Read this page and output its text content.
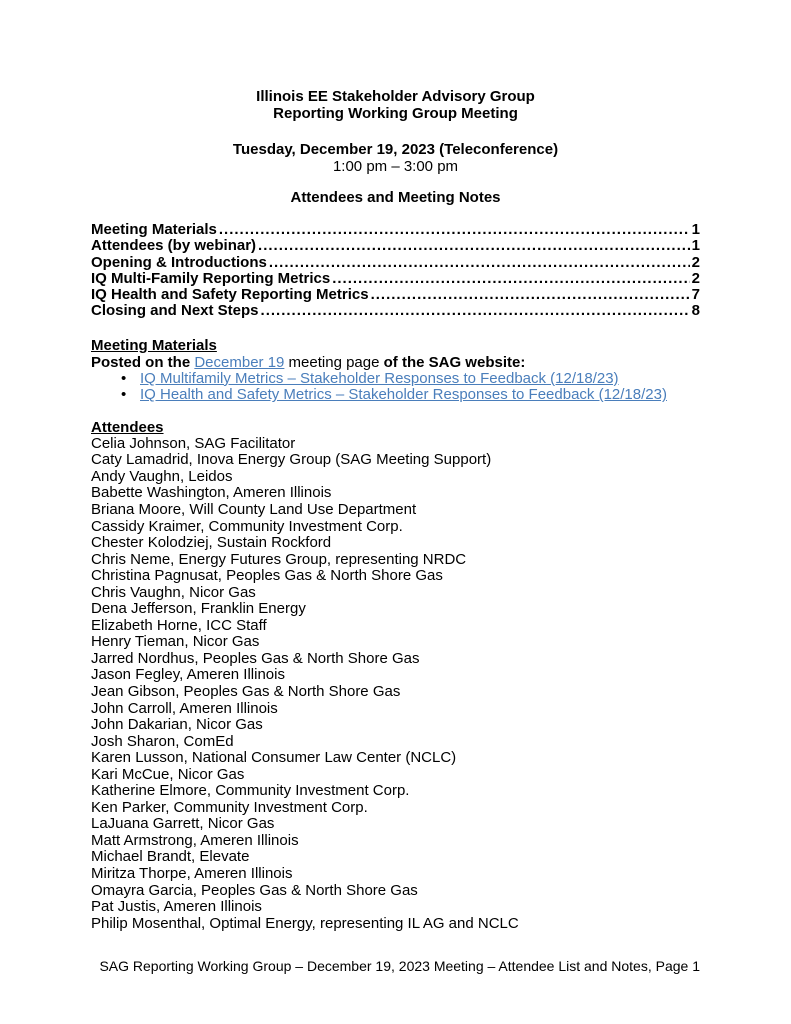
Illinois EE Stakeholder Advisory Group
Reporting Working Group Meeting
Tuesday, December 19, 2023 (Teleconference)
1:00 pm – 3:00 pm
Attendees and Meeting Notes
Meeting Materials .....	1
Attendees (by webinar) .....	1
Opening & Introductions .....	2
IQ Multi-Family Reporting Metrics .....	2
IQ Health and Safety Reporting Metrics .....	7
Closing and Next Steps .....	8
Meeting Materials
Posted on the December 19 meeting page of the SAG website:
• IQ Multifamily Metrics – Stakeholder Responses to Feedback (12/18/23)
• IQ Health and Safety Metrics – Stakeholder Responses to Feedback (12/18/23)
Attendees
Celia Johnson, SAG Facilitator
Caty Lamadrid, Inova Energy Group (SAG Meeting Support)
Andy Vaughn, Leidos
Babette Washington, Ameren Illinois
Briana Moore, Will County Land Use Department
Cassidy Kraimer, Community Investment Corp.
Chester Kolodziej, Sustain Rockford
Chris Neme, Energy Futures Group, representing NRDC
Christina Pagnusat, Peoples Gas & North Shore Gas
Chris Vaughn, Nicor Gas
Dena Jefferson, Franklin Energy
Elizabeth Horne, ICC Staff
Henry Tieman, Nicor Gas
Jarred Nordhus, Peoples Gas & North Shore Gas
Jason Fegley, Ameren Illinois
Jean Gibson, Peoples Gas & North Shore Gas
John Carroll, Ameren Illinois
John Dakarian, Nicor Gas
Josh Sharon, ComEd
Karen Lusson, National Consumer Law Center (NCLC)
Kari McCue, Nicor Gas
Katherine Elmore, Community Investment Corp.
Ken Parker, Community Investment Corp.
LaJuana Garrett, Nicor Gas
Matt Armstrong, Ameren Illinois
Michael Brandt, Elevate
Miritza Thorpe, Ameren Illinois
Omayra Garcia, Peoples Gas & North Shore Gas
Pat Justis, Ameren Illinois
Philip Mosenthal, Optimal Energy, representing IL AG and NCLC
SAG Reporting Working Group – December 19, 2023 Meeting – Attendee List and Notes, Page 1
